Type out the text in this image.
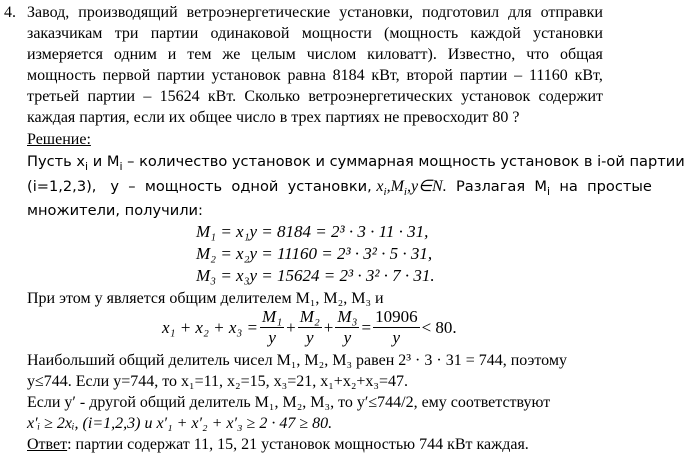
4. Завод, производящий ветроэнергетические установки, подготовил для отправки
заказчикам три партии одинаковой мощности (мощность каждой установки
измеряется одним и тем же целым числом киловатт). Известно, что общая
мощность первой партии установок равна 8184 кВт, второй партии – 11160 кВт,
третьей партии – 15624 кВт. Сколько ветроэнергетических установок содержит
каждая партия, если их общее число в трех партиях не превосходит 80 ?
Решение:
Пусть $x_i$ и $M_i$ – количество установок и суммарная мощность установок в i-ой партии
(i=1,2,3),   y  –  мощность  одной  установки, $x_i,M_i,y\in N$.  Разлагая  $M_i$  на  простые
множители, получили:
M₁ = x₁y = 8184 = 2³ · 3 · 11 · 31,
M₂ = x₂y = 11160 = 2³ · 3² · 5 · 31,
M₃ = x₃y = 15624 = 2³ · 3² · 7 · 31.
При этом y является общим делителем M₁, M₂, M₃ и
$x_1 + x_2 + x_3 = \frac{\text{M₁}}{y} + \frac{\text{M₂}}{y} + \frac{\text{M₃}}{y} = \frac{10906}{y} < 80$.
Наибольший общий делитель чисел M₁, M₂, M₃ равен 2³ · 3 · 31 = 744, поэтому
y≤744. Если y=744, то x₁=11, x₂=15, x₃=21, x₁+x₂+x₃=47.
Если y′ - другой общий делитель M₁, M₂, M₃, то y′≤744/2, ему соответствуют
x′ᵢ ≥ 2xᵢ, (i=1,2,3) и x′₁ + x′₂ + x′₃ ≥ 2 · 47 ≥ 80.
Ответ: партии содержат 11, 15, 21 установок мощностью 744 кВт каждая.
